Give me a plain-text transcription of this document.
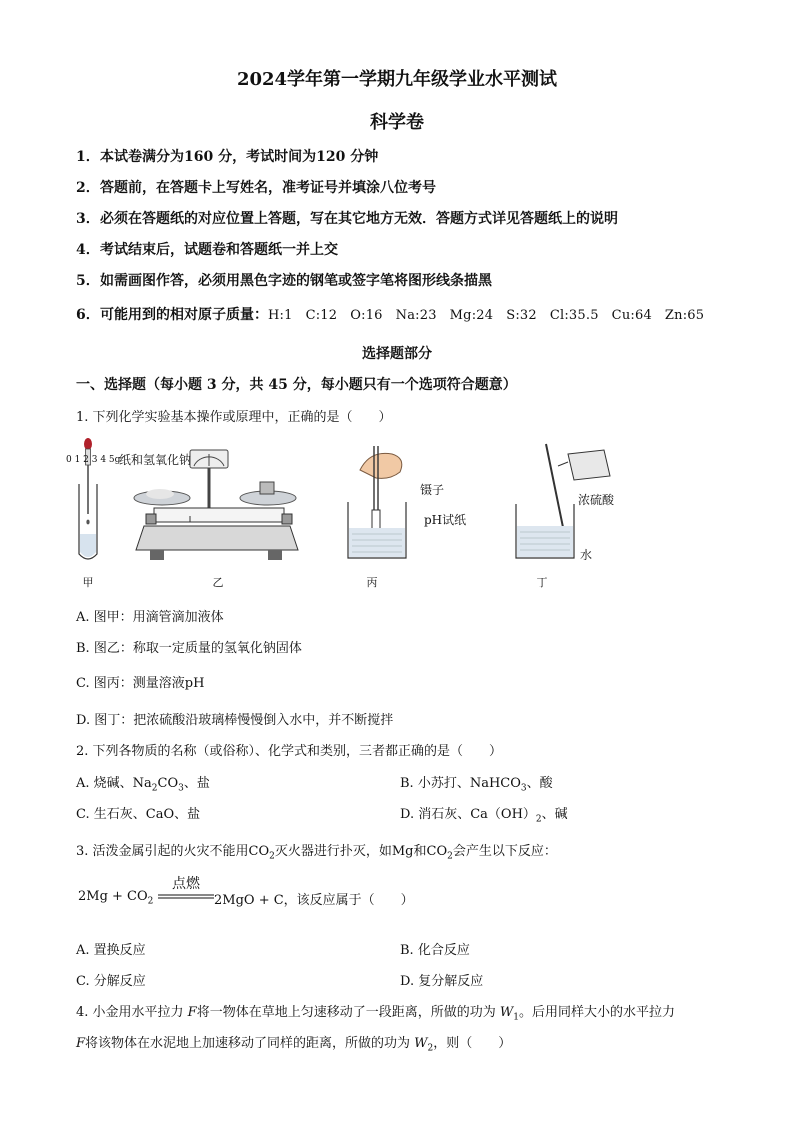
2024学年第一学期九年级学业水平测试
科学卷
1．本试卷满分为160 分，考试时间为120 分钟
2．答题前，在答题卡上写姓名，准考证号并填涂八位考号
3．必须在答题纸的对应位置上答题，写在其它地方无效．答题方式详见答题纸上的说明
4．考试结束后，试题卷和答题纸一并上交
5．如需画图作答，必须用黑色字迹的钢笔或签字笔将图形线条描黑
6．可能用到的相对原子质量：H:1   C:12   O:16   Na:23   Mg:24   S:32   Cl:35.5   Cu:64   Zn:65
选择题部分
一、选择题（每小题 3 分，共 45 分，每小题只有一个选项符合题意）
1. 下列化学实验基本操作或原理中，正确的是（　　）
甲
0 1 2 3 4 5g
纸和氢氧化钠
乙
镊子
pH试纸
丙
浓硫酸
水
丁
A. 图甲：用滴管滴加液体
B. 图乙：称取一定质量的氢氧化钠固体
C. 图丙：测量溶液pH
D. 图丁：把浓硫酸沿玻璃棒慢慢倒入水中，并不断搅拌
2. 下列各物质的名称（或俗称）、化学式和类别，三者都正确的是（　　）
A. 烧碱、$Na_2CO_3$、盐	B. 小苏打、NaHCO$_3$、酸
C. 生石灰、CaO、盐	D. 消石灰、$Ca(OH)_2$、碱
3. 活泼金属引起的火灾不能用$CO_2$灭火器进行扑灭，如Mg和$CO_2$会产生以下反应：
$2Mg + CO_2$
点燃
2MgO + C，该反应属于（　　）
A. 置换反应	B. 化合反应
C. 分解反应	D. 复分解反应
4. 小金用水平拉力 F将一物体在草地上匀速移动了一段距离，所做的功为 $W_1$。后用同样大小的水平拉力
F将该物体在水泥地上加速移动了同样的距离，所做的功为 $W_2$，则（　　）
